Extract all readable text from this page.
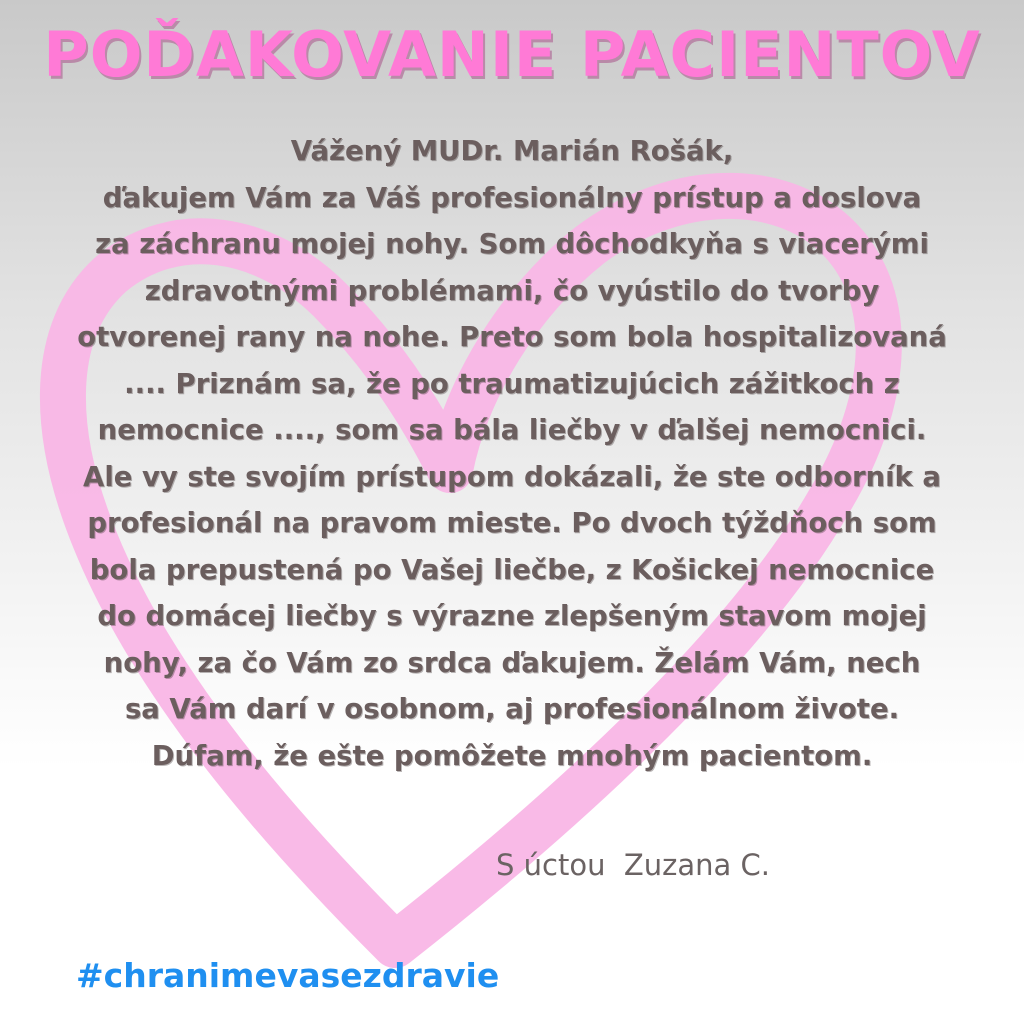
POĎAKOVANIE PACIENTOV
Vážený MUDr. Marián Rošák,
ďakujem Vám za Váš profesionálny prístup a doslova
za záchranu mojej nohy. Som dôchodkyňa s viacerými
zdravotnými problémami, čo vyústilo do tvorby
otvorenej rany na nohe. Preto som bola hospitalizovaná
.... Priznám sa, že po traumatizujúcich zážitkoch z
nemocnice ...., som sa bála liečby v ďalšej nemocnici.
Ale vy ste svojím prístupom dokázali, že ste odborník a
profesionál na pravom mieste. Po dvoch týždňoch som
bola prepustená po Vašej liečbe, z Košickej nemocnice
do domácej liečby s výrazne zlepšeným stavom mojej
nohy, za čo Vám zo srdca ďakujem. Želám Vám, nech
sa Vám darí v osobnom, aj profesionálnom živote.
Dúfam, že ešte pomôžete mnohým pacientom.
S úctou  Zuzana C.
#chranimevasezdravie
